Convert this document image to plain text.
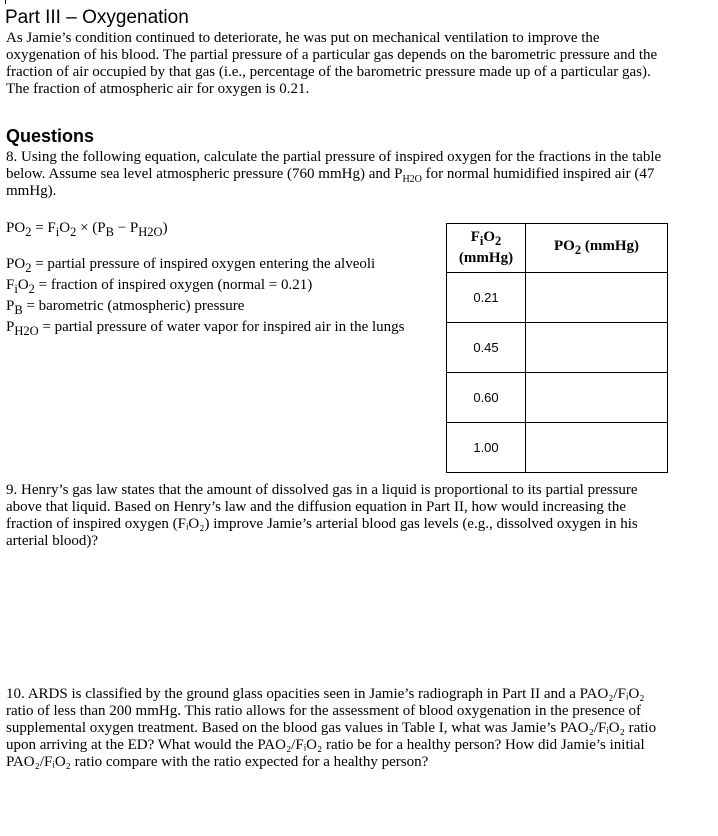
Part III – Oxygenation

As Jamie’s condition continued to deteriorate, he was put on mechanical ventilation to improve the oxygenation of his blood. The partial pressure of a particular gas depends on the barometric pressure and the fraction of air occupied by that gas (i.e., percentage of the barometric pressure made up of a particular gas). The fraction of atmospheric air for oxygen is 0.21.

Questions

8. Using the following equation, calculate the partial pressure of inspired oxygen for the fractions in the table below. Assume sea level atmospheric pressure (760 mmHg) and $P_{H2O}$ for normal humidified inspired air (47 mmHg).

$PO_2 = F_iO_2 \times (P_B - P_{H2O})$
$PO_2$ = partial pressure of inspired oxygen entering the alveoli
$F_iO_2$ = fraction of inspired oxygen (normal = 0.21)
$P_B$ = barometric (atmospheric) pressure
$P_{H2O}$ = partial pressure of water vapor for inspired air in the lungs
$F_iO_2$
(mmHg)	$PO_2$ (mmHg)
0.21	
0.45	
0.60	
1.00	

9. Henry’s gas law states that the amount of dissolved gas in a liquid is proportional to its partial pressure above that liquid. Based on Henry’s law and the diffusion equation in Part II, how would increasing the fraction of inspired oxygen (FᵢO₂) improve Jamie’s arterial blood gas levels (e.g., dissolved oxygen in his arterial blood)?

10. ARDS is classified by the ground glass opacities seen in Jamie’s radiograph in Part II and a PAO₂/FᵢO₂ ratio of less than 200 mmHg. This ratio allows for the assessment of blood oxygenation in the presence of supplemental oxygen treatment. Based on the blood gas values in Table I, what was Jamie’s PAO₂/FᵢO₂ ratio upon arriving at the ED? What would the PAO₂/FᵢO₂ ratio be for a healthy person? How did Jamie’s initial PAO₂/FᵢO₂ ratio compare with the ratio expected for a healthy person?
